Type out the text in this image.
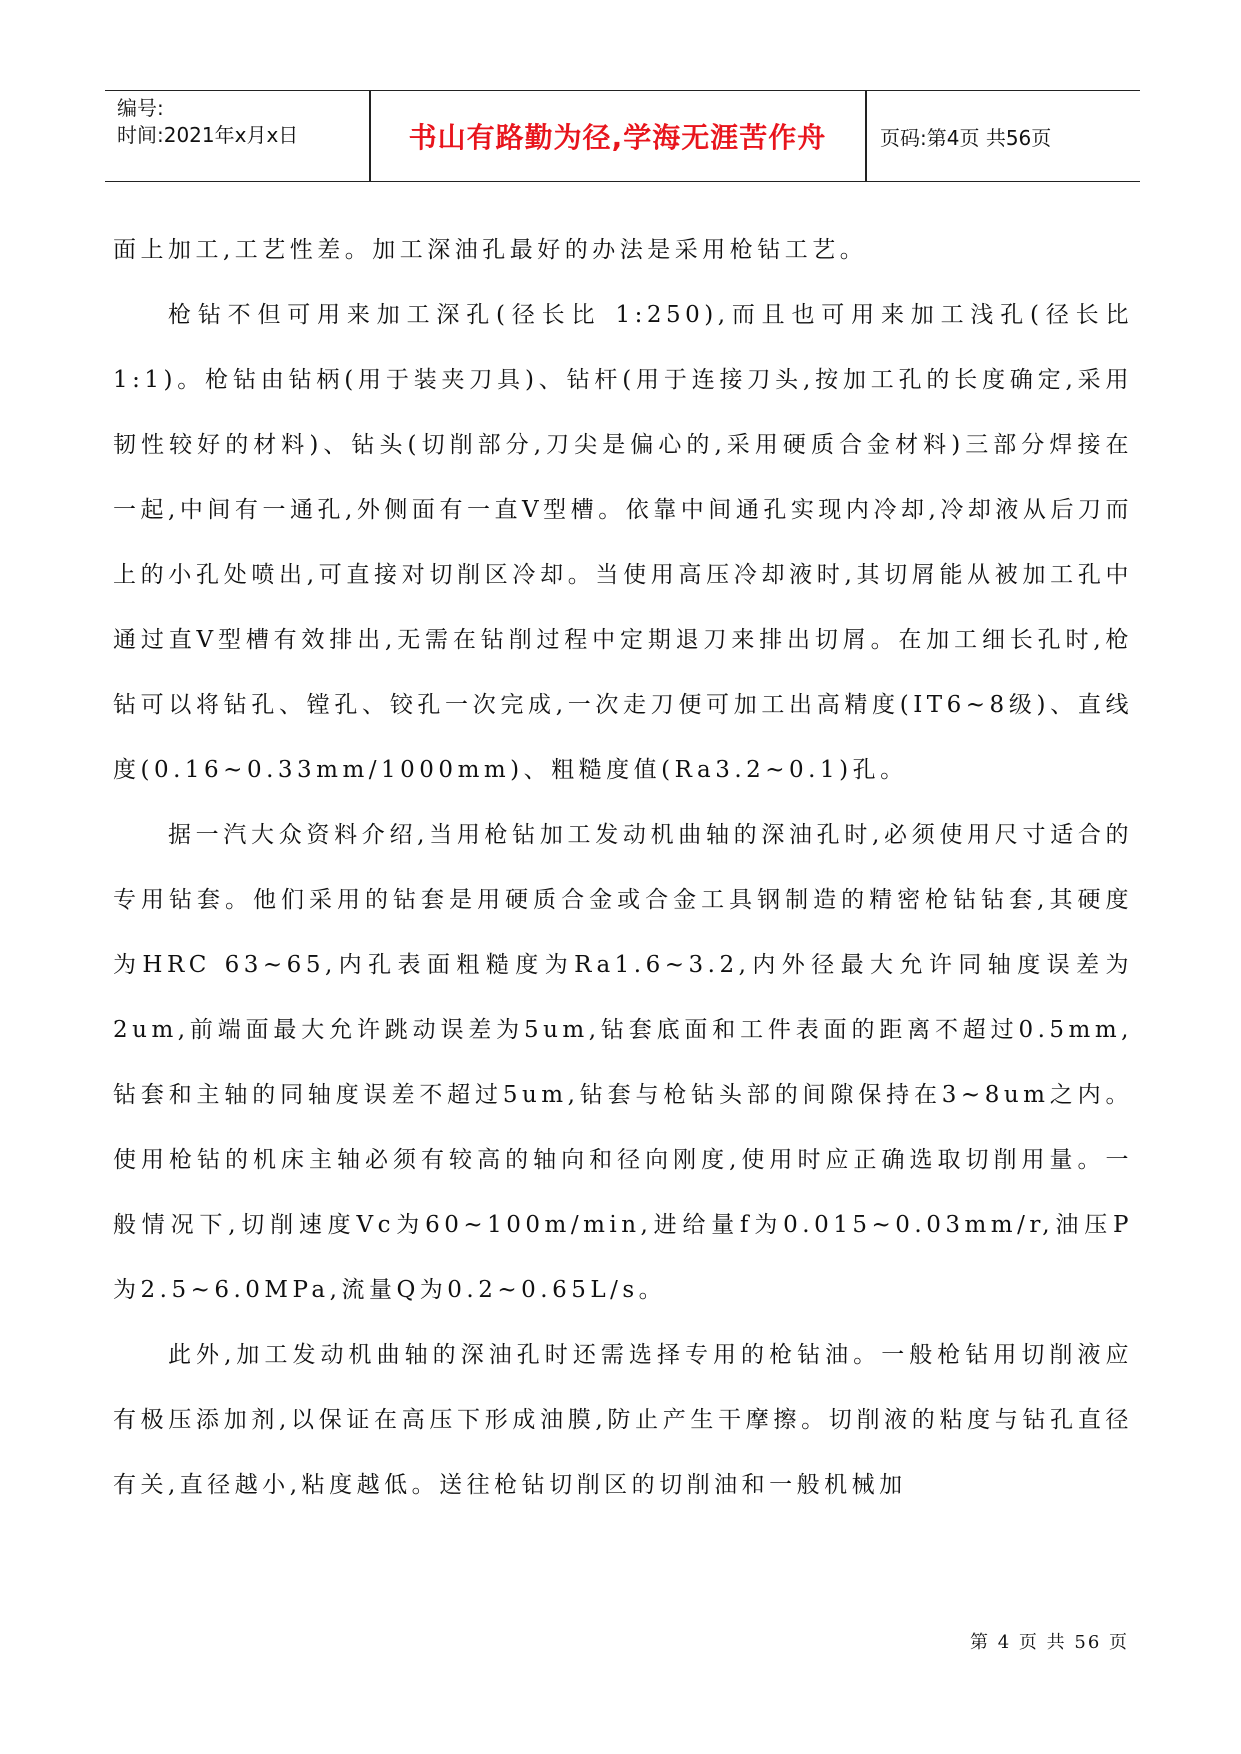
编号:
时间:2021年x月x日	书山有路勤为径,学海无涯苦作舟	页码:第4页 共56页

面上加工,工艺性差。加工深油孔最好的办法是采用枪钻工艺。

枪钻不但可用来加工深孔(径长比 1:250),而且也可用来加工浅孔(径长比 1:1)。枪钻由钻柄(用于装夹刀具)、钻杆(用于连接刀头,按加工孔的长度确定,采用韧性较好的材料)、钻头(切削部分,刀尖是偏心的,采用硬质合金材料)三部分焊接在一起,中间有一通孔,外侧面有一直V型槽。依靠中间通孔实现内冷却,冷却液从后刀而上的小孔处喷出,可直接对切削区冷却。当使用高压冷却液时,其切屑能从被加工孔中通过直V型槽有效排出,无需在钻削过程中定期退刀来排出切屑。在加工细长孔时,枪钻可以将钻孔、镗孔、铰孔一次完成,一次走刀便可加工出高精度(IT6~8级)、直线度(0.16~0.33mm/1000mm)、粗糙度值(Ra3.2~0.1)孔。

据一汽大众资料介绍,当用枪钻加工发动机曲轴的深油孔时,必须使用尺寸适合的专用钻套。他们采用的钻套是用硬质合金或合金工具钢制造的精密枪钻钻套,其硬度为HRC 63~65,内孔表面粗糙度为Ra1.6~3.2,内外径最大允许同轴度误差为2um,前端面最大允许跳动误差为5um,钻套底面和工件表面的距离不超过0.5mm,钻套和主轴的同轴度误差不超过5um,钻套与枪钻头部的间隙保持在3~8um之内。使用枪钻的机床主轴必须有较高的轴向和径向刚度,使用时应正确选取切削用量。一般情况下,切削速度Vc为60~100m/min,进给量f为0.015~0.03mm/r,油压P为2.5~6.0MPa,流量Q为0.2~0.65L/s。

此外,加工发动机曲轴的深油孔时还需选择专用的枪钻油。一般枪钻用切削液应有极压添加剂,以保证在高压下形成油膜,防止产生干摩擦。切削液的粘度与钻孔直径有关,直径越小,粘度越低。送往枪钻切削区的切削油和一般机械加

第 4 页 共 56 页
